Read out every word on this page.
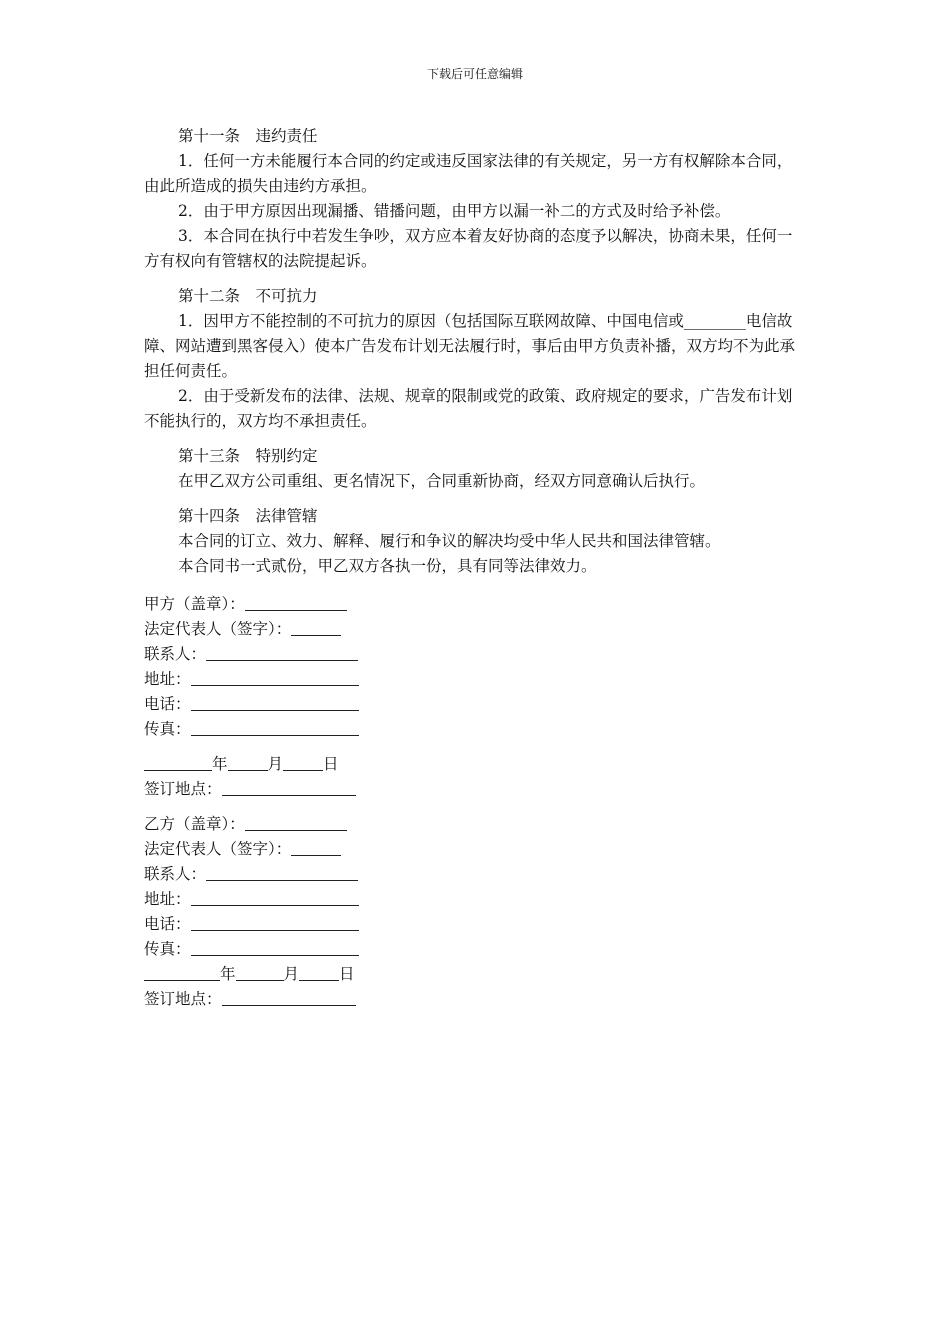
下载后可任意编辑

第十一条　违约责任

1．任何一方未能履行本合同的约定或违反国家法律的有关规定，另一方有权解除本合同，由此所造成的损失由违约方承担。

2．由于甲方原因出现漏播、错播问题，由甲方以漏一补二的方式及时给予补偿。

3．本合同在执行中若发生争吵，双方应本着友好协商的态度予以解决，协商未果，任何一方有权向有管辖权的法院提起诉。

第十二条　不可抗力

1．因甲方不能控制的不可抗力的原因（包括国际互联网故障、中国电信或________电信故障、网站遭到黑客侵入）使本广告发布计划无法履行时，事后由甲方负责补播，双方均不为此承担任何责任。

2．由于受新发布的法律、法规、规章的限制或党的政策、政府规定的要求，广告发布计划不能执行的，双方均不承担责任。

第十三条　特别约定

在甲乙双方公司重组、更名情况下，合同重新协商，经双方同意确认后执行。

第十四条　法律管辖

本合同的订立、效力、解释、履行和争议的解决均受中华人民共和国法律管辖。

本合同书一式贰份，甲乙双方各执一份，具有同等法律效力。

甲方（盖章）：
法定代表人（签字）：
联系人：
地址：
电话：
传真：
年	月	日
签订地点：
乙方（盖章）：
法定代表人（签字）：
联系人：
地址：
电话：
传真：
年	月	日
签订地点：
